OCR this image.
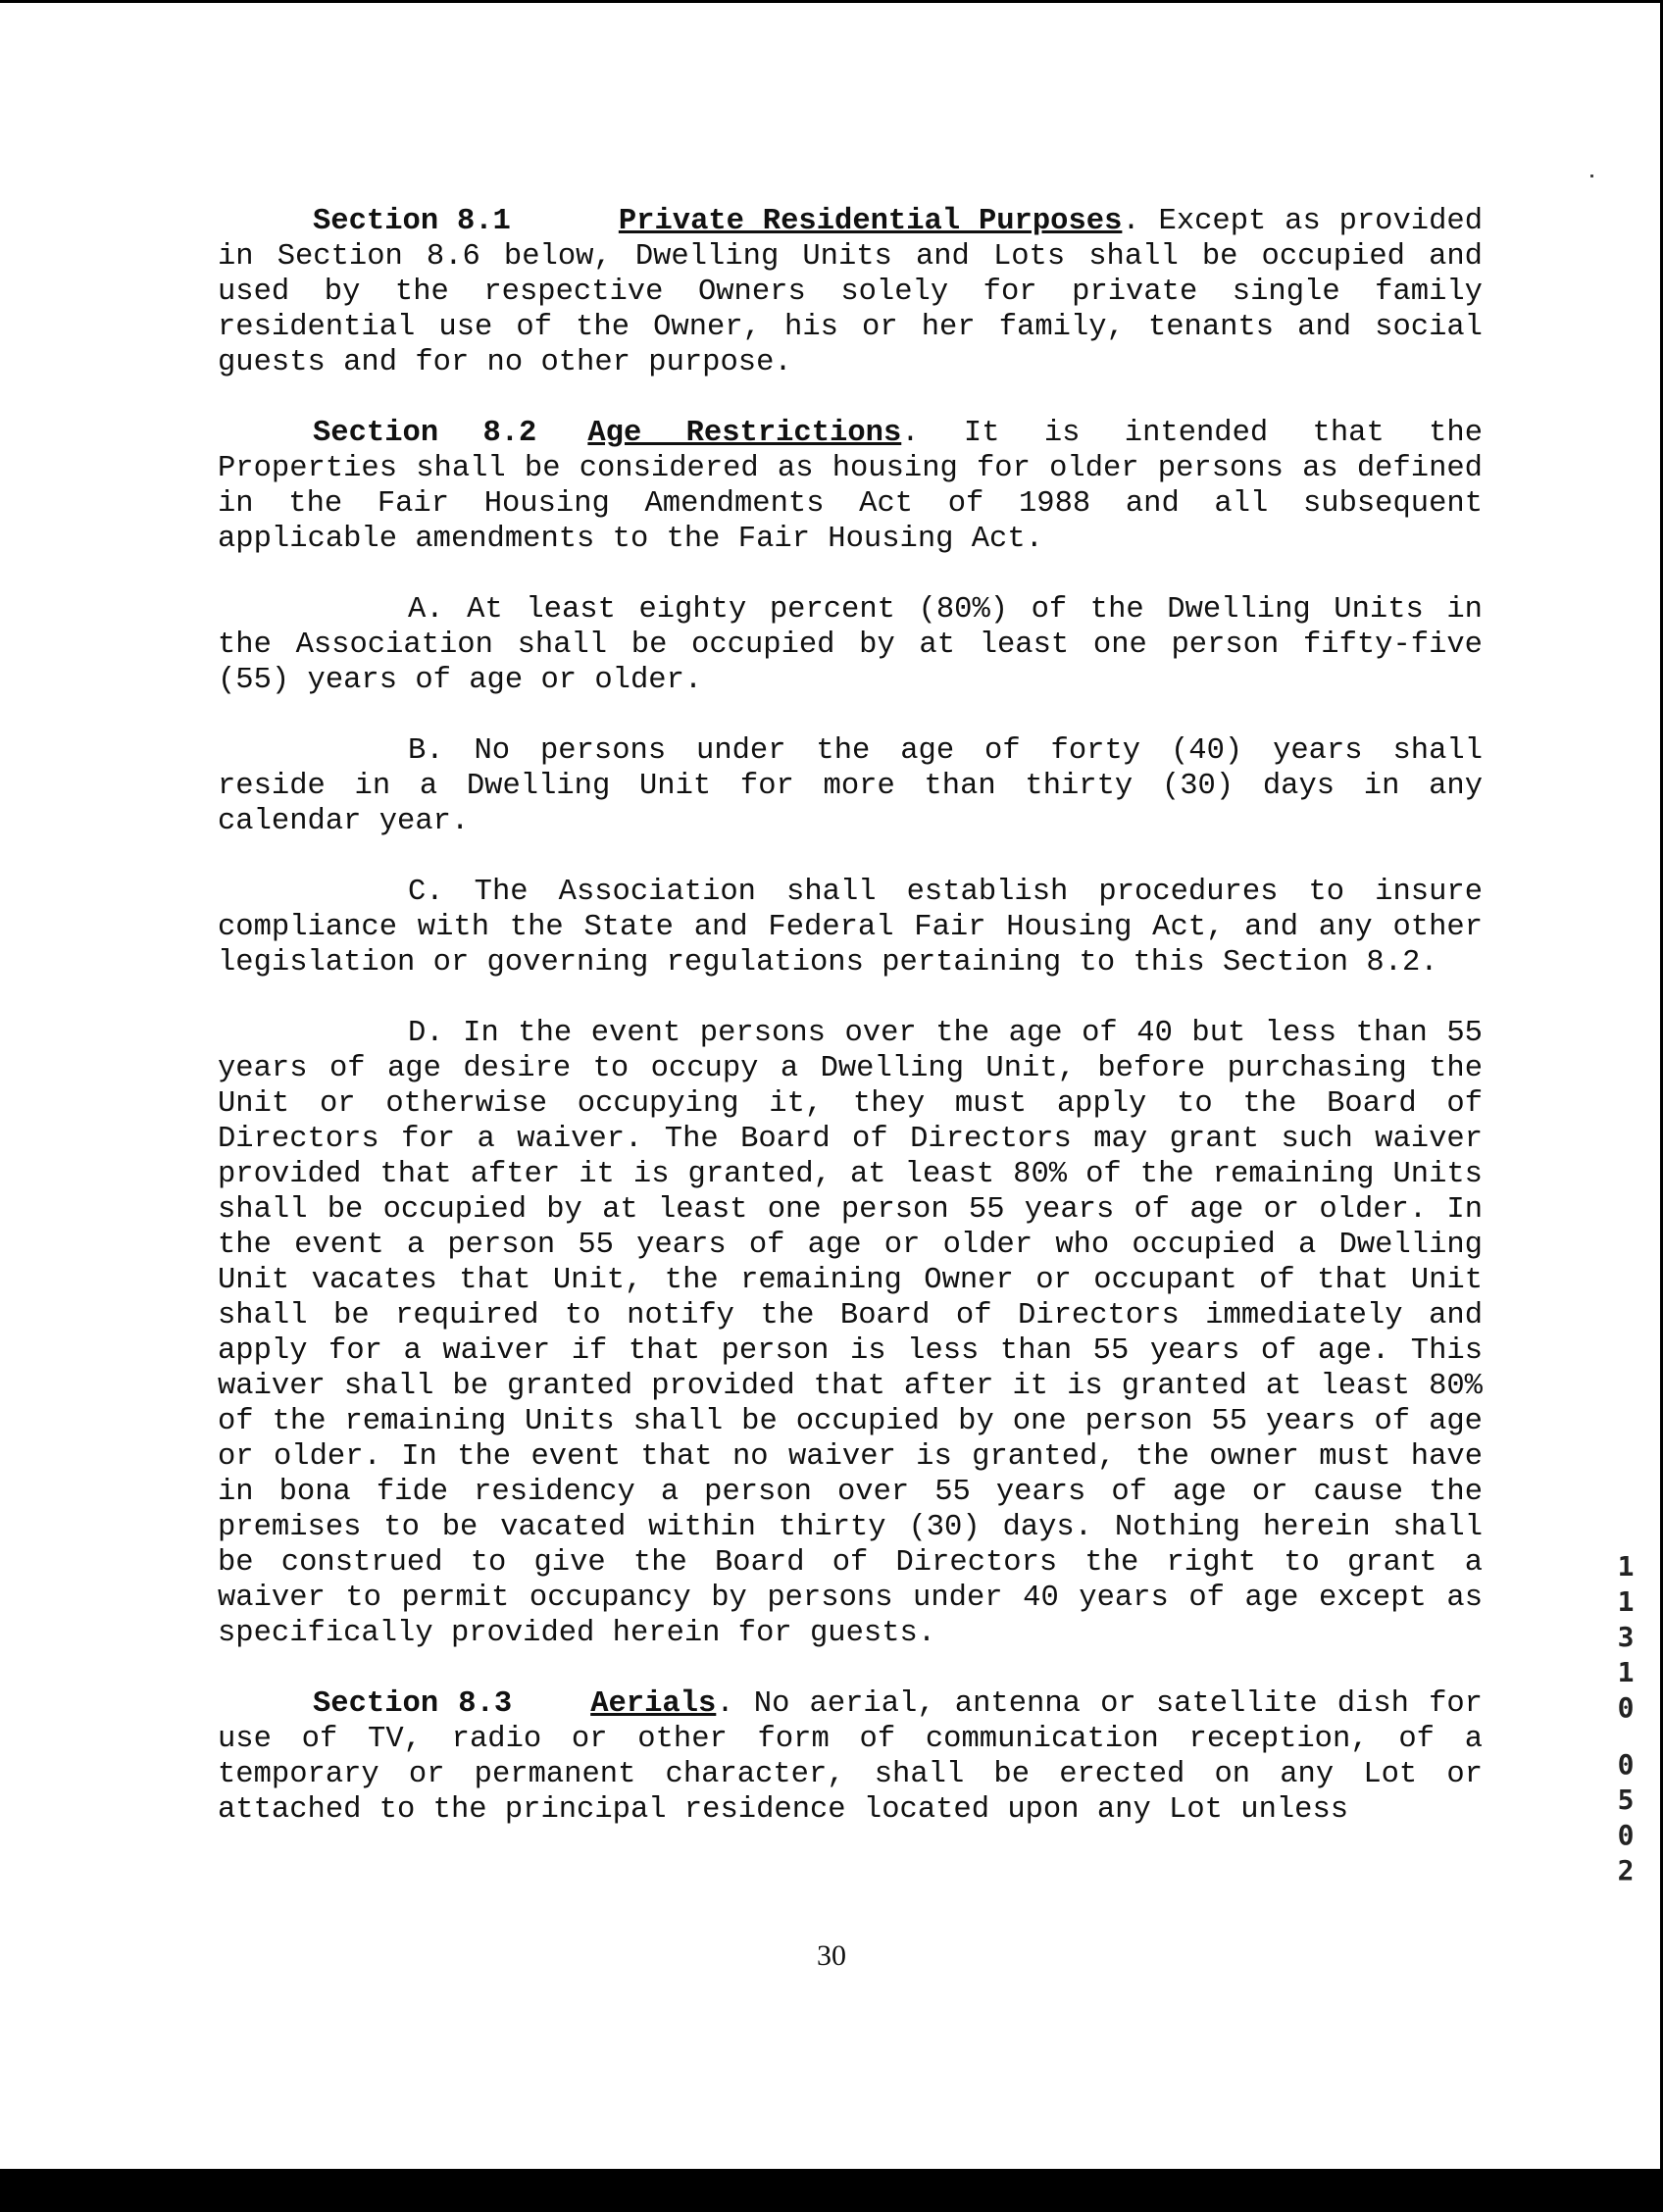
Section 8.1	Private Residential Purposes. Except as provided in Section 8.6 below, Dwelling Units and Lots shall be occupied and used by the respective Owners solely for private single family residential use of the Owner, his or her family, tenants and social guests and for no other purpose.

Section 8.2 Age Restrictions. It is intended that the Properties shall be considered as housing for older persons as defined in the Fair Housing Amendments Act of 1988 and all subsequent applicable amendments to the Fair Housing Act.

A. At least eighty percent (80%) of the Dwelling Units in the Association shall be occupied by at least one person fifty-five (55) years of age or older.

B. No persons under the age of forty (40) years shall reside in a Dwelling Unit for more than thirty (30) days in any calendar year.

C. The Association shall establish procedures to insure compliance with the State and Federal Fair Housing Act, and any other legislation or governing regulations pertaining to this Section 8.2.

D. In the event persons over the age of 40 but less than 55 years of age desire to occupy a Dwelling Unit, before purchasing the Unit or otherwise occupying it, they must apply to the Board of Directors for a waiver. The Board of Directors may grant such waiver provided that after it is granted, at least 80% of the remaining Units shall be occupied by at least one person 55 years of age or older. In the event a person 55 years of age or older who occupied a Dwelling Unit vacates that Unit, the remaining Owner or occupant of that Unit shall be required to notify the Board of Directors immediately and apply for a waiver if that person is less than 55 years of age. This waiver shall be granted provided that after it is granted at least 80% of the remaining Units shall be occupied by one person 55 years of age or older. In the event that no waiver is granted, the owner must have in bona fide residency a person over 55 years of age or cause the premises to be vacated within thirty (30) days. Nothing herein shall be construed to give the Board of Directors the right to grant a waiver to permit occupancy by persons under 40 years of age except as specifically provided herein for guests.

Section 8.3	Aerials. No aerial, antenna or satellite dish for use of TV, radio or other form of communication reception, of a temporary or permanent character, shall be erected on any Lot or attached to the principal residence located upon any Lot unless

30
1
1
3
1
0
0
5
0
2
